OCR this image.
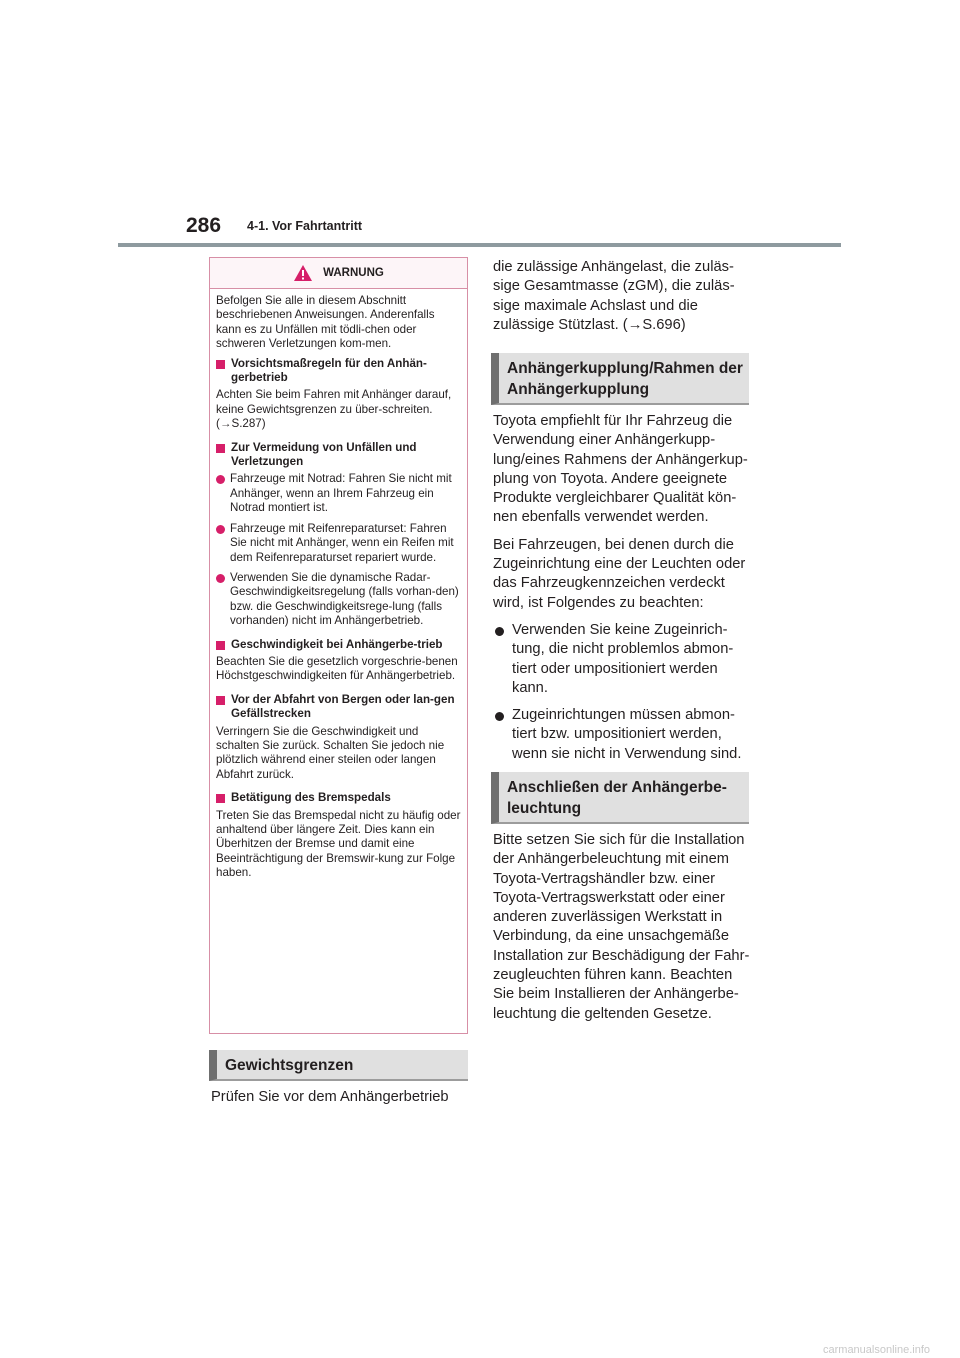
286 4-1. Vor Fahrtantritt
WARNUNG

Befolgen Sie alle in diesem Abschnitt beschriebenen Anweisungen. Anderenfalls kann es zu Unfällen mit tödli-chen oder schweren Verletzungen kom-men.

Vorsichtsmaßregeln für den Anhän-gerbetrieb

Achten Sie beim Fahren mit Anhänger darauf, keine Gewichtsgrenzen zu über-schreiten. (→S.287)

Zur Vermeidung von Unfällen und Verletzungen
Fahrzeuge mit Notrad: Fahren Sie nicht mit Anhänger, wenn an Ihrem Fahrzeug ein Notrad montiert ist.
Fahrzeuge mit Reifenreparaturset: Fahren Sie nicht mit Anhänger, wenn ein Reifen mit dem Reifenreparaturset repariert wurde.
Verwenden Sie die dynamische Radar-Geschwindigkeitsregelung (falls vorhan-den) bzw. die Geschwindigkeitsrege-lung (falls vorhanden) nicht im Anhängerbetrieb.
Geschwindigkeit bei Anhängerbe-trieb

Beachten Sie die gesetzlich vorgeschrie-benen Höchstgeschwindigkeiten für Anhängerbetrieb.

Vor der Abfahrt von Bergen oder lan-gen Gefällstrecken

Verringern Sie die Geschwindigkeit und schalten Sie zurück. Schalten Sie jedoch nie plötzlich während einer steilen oder langen Abfahrt zurück.

Betätigung des Bremspedals

Treten Sie das Bremspedal nicht zu häufig oder anhaltend über längere Zeit. Dies kann ein Überhitzen der Bremse und damit eine Beeinträchtigung der Bremswir-kung zur Folge haben.

Gewichtsgrenzen
Prüfen Sie vor dem Anhängerbetrieb
die zulässige Anhängelast, die zuläs-sige Gesamtmasse (zGM), die zuläs-sige maximale Achslast und die zulässige Stützlast. (→S.696)
Anhängerkupplung/Rahmen der Anhängerkupplung

Toyota empfiehlt für Ihr Fahrzeug die Verwendung einer Anhängerkupp-lung/eines Rahmens der Anhängerkup-plung von Toyota. Andere geeignete Produkte vergleichbarer Qualität kön-nen ebenfalls verwendet werden.

Bei Fahrzeugen, bei denen durch die Zugeinrichtung eine der Leuchten oder das Fahrzeugkennzeichen verdeckt wird, ist Folgendes zu beachten:

Verwenden Sie keine Zugeinrich-tung, die nicht problemlos abmon-tiert oder umpositioniert werden kann.
Zugeinrichtungen müssen abmon-tiert bzw. umpositioniert werden, wenn sie nicht in Verwendung sind.
Anschließen der Anhängerbe-leuchtung
Bitte setzen Sie sich für die Installation der Anhängerbeleuchtung mit einem Toyota-Vertragshändler bzw. einer Toyota-Vertragswerkstatt oder einer anderen zuverlässigen Werkstatt in Verbindung, da eine unsachgemäße Installation zur Beschädigung der Fahr-zeugleuchten führen kann. Beachten Sie beim Installieren der Anhängerbe-leuchtung die geltenden Gesetze.
carmanualsonline.info
